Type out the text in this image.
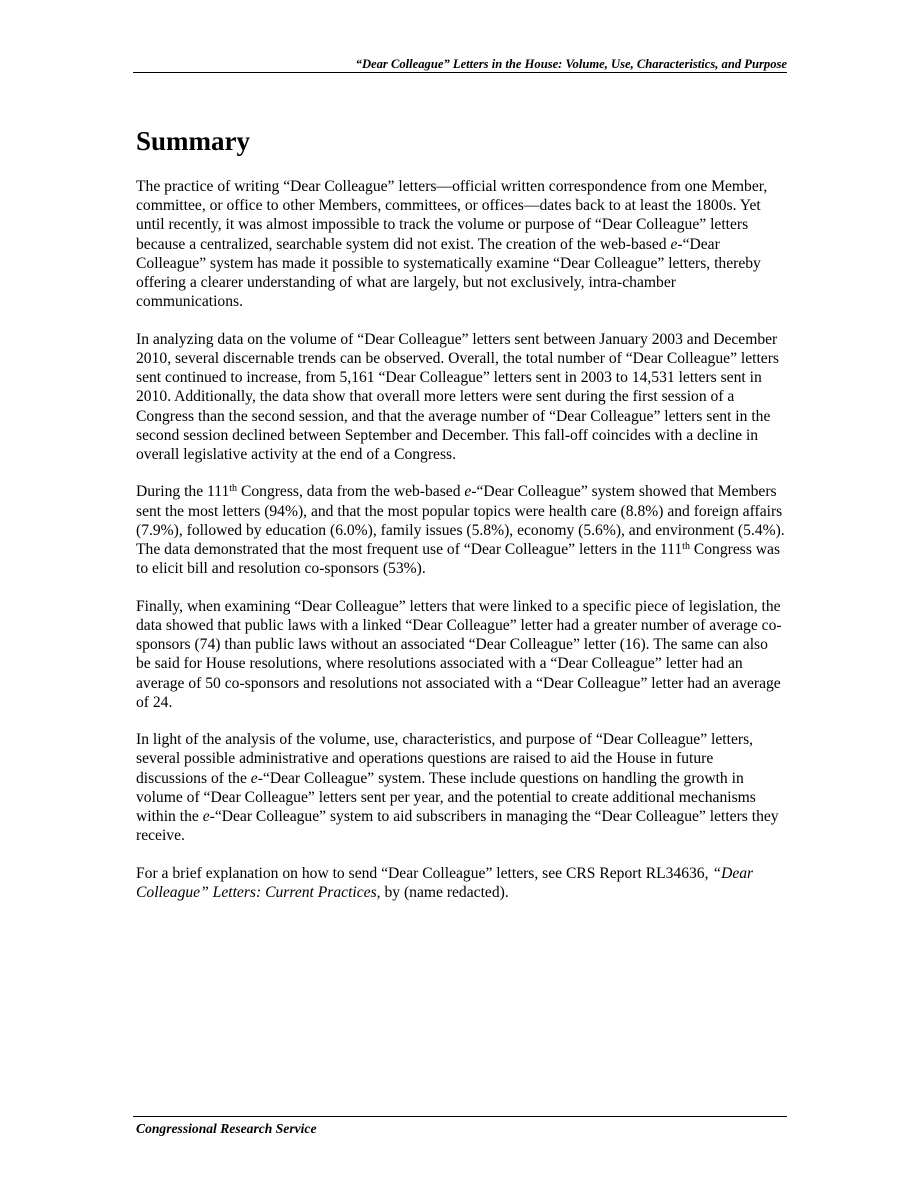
“Dear Colleague” Letters in the House: Volume, Use, Characteristics, and Purpose
Summary

The practice of writing “Dear Colleague” letters—official written correspondence from one Member, committee, or office to other Members, committees, or offices—dates back to at least the 1800s. Yet until recently, it was almost impossible to track the volume or purpose of “Dear Colleague” letters because a centralized, searchable system did not exist. The creation of the web-based e-“Dear Colleague” system has made it possible to systematically examine “Dear Colleague” letters, thereby offering a clearer understanding of what are largely, but not exclusively, intra-chamber communications.

In analyzing data on the volume of “Dear Colleague” letters sent between January 2003 and December 2010, several discernable trends can be observed. Overall, the total number of “Dear Colleague” letters sent continued to increase, from 5,161 “Dear Colleague” letters sent in 2003 to 14,531 letters sent in 2010. Additionally, the data show that overall more letters were sent during the first session of a Congress than the second session, and that the average number of “Dear Colleague” letters sent in the second session declined between September and December. This fall-off coincides with a decline in overall legislative activity at the end of a Congress.

During the 111th Congress, data from the web-based e-“Dear Colleague” system showed that Members sent the most letters (94%), and that the most popular topics were health care (8.8%) and foreign affairs (7.9%), followed by education (6.0%), family issues (5.8%), economy (5.6%), and environment (5.4%). The data demonstrated that the most frequent use of “Dear Colleague” letters in the 111th Congress was to elicit bill and resolution co-sponsors (53%).

Finally, when examining “Dear Colleague” letters that were linked to a specific piece of legislation, the data showed that public laws with a linked “Dear Colleague” letter had a greater number of average co-sponsors (74) than public laws without an associated “Dear Colleague” letter (16). The same can also be said for House resolutions, where resolutions associated with a “Dear Colleague” letter had an average of 50 co-sponsors and resolutions not associated with a “Dear Colleague” letter had an average of 24.

In light of the analysis of the volume, use, characteristics, and purpose of “Dear Colleague” letters, several possible administrative and operations questions are raised to aid the House in future discussions of the e-“Dear Colleague” system. These include questions on handling the growth in volume of “Dear Colleague” letters sent per year, and the potential to create additional mechanisms within the e-“Dear Colleague” system to aid subscribers in managing the “Dear Colleague” letters they receive.

For a brief explanation on how to send “Dear Colleague” letters, see CRS Report RL34636, “Dear Colleague” Letters: Current Practices, by (name redacted).

Congressional Research Service
